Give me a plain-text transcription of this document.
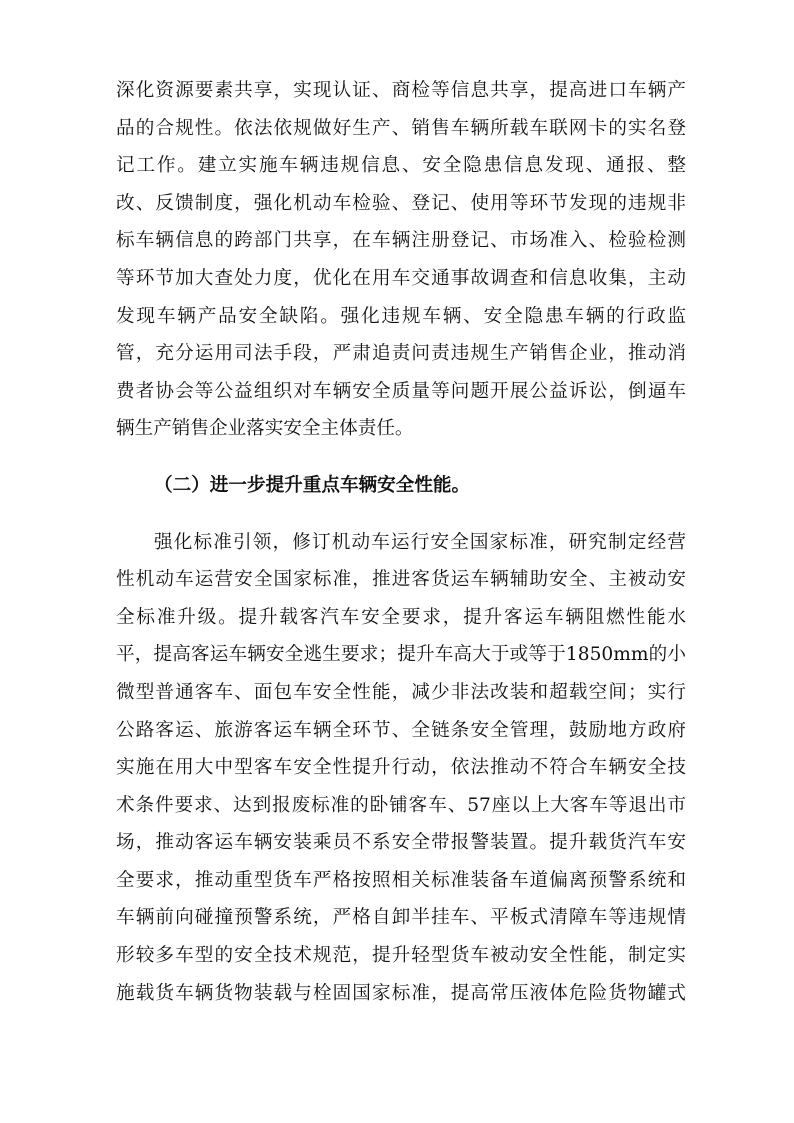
深化资源要素共享，实现认证、商检等信息共享，提高进口车辆产
品的合规性。依法依规做好生产、销售车辆所载车联网卡的实名登
记工作。建立实施车辆违规信息、安全隐患信息发现、通报、整
改、反馈制度，强化机动车检验、登记、使用等环节发现的违规非
标车辆信息的跨部门共享，在车辆注册登记、市场准入、检验检测
等环节加大查处力度，优化在用车交通事故调查和信息收集，主动
发现车辆产品安全缺陷。强化违规车辆、安全隐患车辆的行政监
管，充分运用司法手段，严肃追责问责违规生产销售企业，推动消
费者协会等公益组织对车辆安全质量等问题开展公益诉讼，倒逼车
辆生产销售企业落实安全主体责任。
（二）进一步提升重点车辆安全性能。
强化标准引领，修订机动车运行安全国家标准，研究制定经营
性机动车运营安全国家标准，推进客货运车辆辅助安全、主被动安
全标准升级。提升载客汽车安全要求，提升客运车辆阻燃性能水
平，提高客运车辆安全逃生要求；提升车高大于或等于1850mm的小
微型普通客车、面包车安全性能，减少非法改装和超载空间；实行
公路客运、旅游客运车辆全环节、全链条安全管理，鼓励地方政府
实施在用大中型客车安全性提升行动，依法推动不符合车辆安全技
术条件要求、达到报废标准的卧铺客车、57座以上大客车等退出市
场，推动客运车辆安装乘员不系安全带报警装置。提升载货汽车安
全要求，推动重型货车严格按照相关标准装备车道偏离预警系统和
车辆前向碰撞预警系统，严格自卸半挂车、平板式清障车等违规情
形较多车型的安全技术规范，提升轻型货车被动安全性能，制定实
施载货车辆货物装载与栓固国家标准，提高常压液体危险货物罐式
